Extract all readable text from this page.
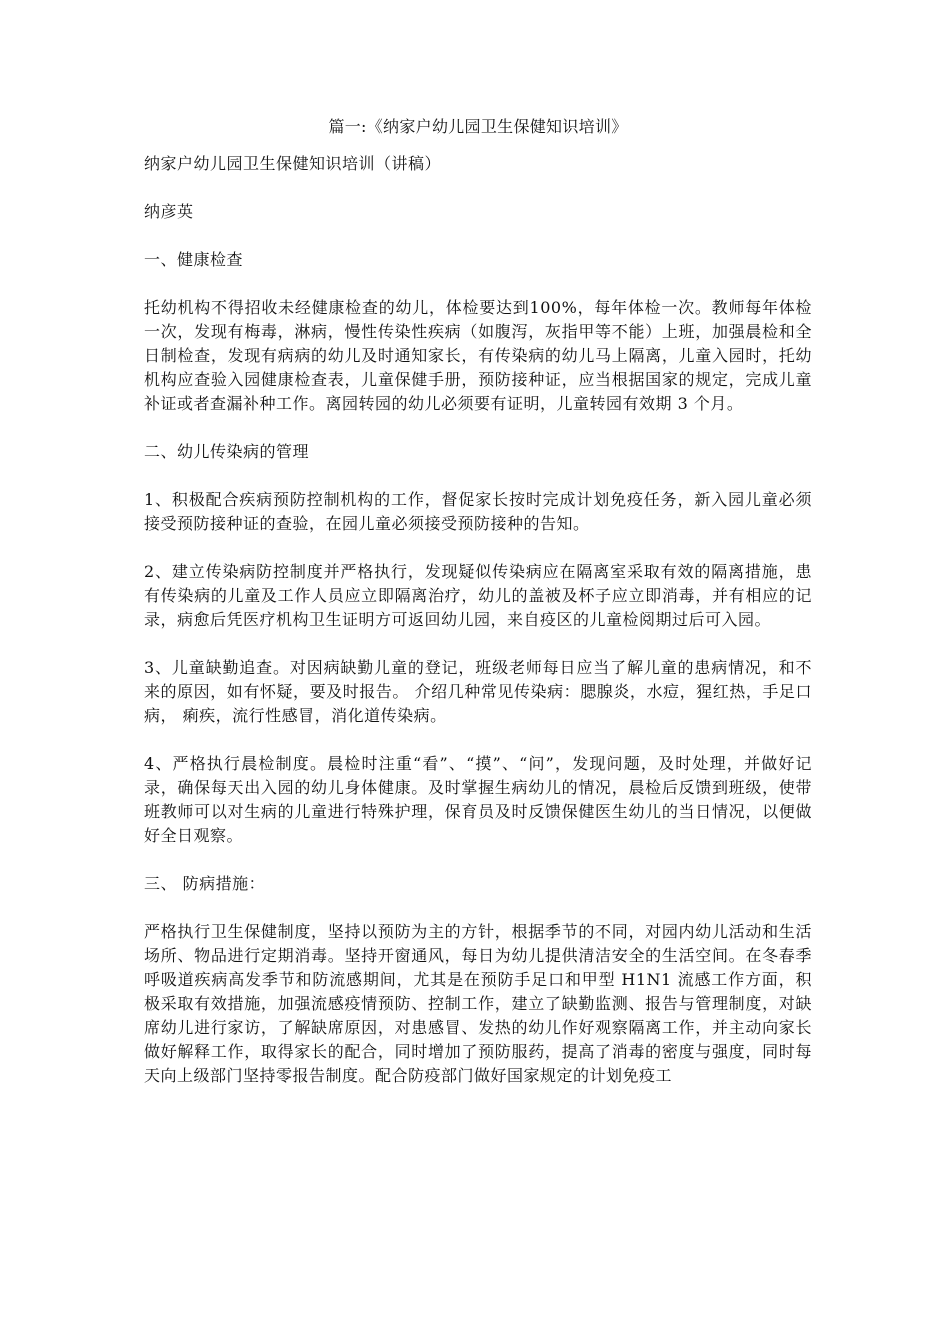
篇一:《纳家户幼儿园卫生保健知识培训》
纳家户幼儿园卫生保健知识培训（讲稿）
纳彦英
一、健康检查
托幼机构不得招收未经健康检查的幼儿，体检要达到100%，每年体检一次。教师每年体检一次，发现有梅毒，淋病，慢性传染性疾病（如腹泻，灰指甲等不能）上班，加强晨检和全日制检查，发现有病病的幼儿及时通知家长，有传染病的幼儿马上隔离，儿童入园时，托幼机构应查验入园健康检查表，儿童保健手册，预防接种证，应当根据国家的规定，完成儿童补证或者查漏补种工作。离园转园的幼儿必须要有证明，儿童转园有效期 3 个月。
二、幼儿传染病的管理
1、积极配合疾病预防控制机构的工作，督促家长按时完成计划免疫任务，新入园儿童必须接受预防接种证的查验，在园儿童必须接受预防接种的告知。
2、建立传染病防控制度并严格执行，发现疑似传染病应在隔离室采取有效的隔离措施，患有传染病的儿童及工作人员应立即隔离治疗，幼儿的盖被及杯子应立即消毒，并有相应的记录，病愈后凭医疗机构卫生证明方可返回幼儿园，来自疫区的儿童检阅期过后可入园。
3、儿童缺勤追查。对因病缺勤儿童的登记，班级老师每日应当了解儿童的患病情况，和不来的原因，如有怀疑，要及时报告。 介绍几种常见传染病：腮腺炎，水痘，猩红热，手足口病， 痢疾，流行性感冒，消化道传染病。
4、严格执行晨检制度。晨检时注重“看”、“摸”、“问”，发现问题，及时处理，并做好记录，确保每天出入园的幼儿身体健康。及时掌握生病幼儿的情况，晨检后反馈到班级，使带班教师可以对生病的儿童进行特殊护理，保育员及时反馈保健医生幼儿的当日情况，以便做好全日观察。
三、 防病措施：
严格执行卫生保健制度，坚持以预防为主的方针，根据季节的不同，对园内幼儿活动和生活场所、物品进行定期消毒。坚持开窗通风，每日为幼儿提供清洁安全的生活空间。在冬春季呼吸道疾病高发季节和防流感期间，尤其是在预防手足口和甲型 H1N1 流感工作方面，积极采取有效措施，加强流感疫情预防、控制工作，建立了缺勤监测、报告与管理制度，对缺席幼儿进行家访，了解缺席原因，对患感冒、发热的幼儿作好观察隔离工作，并主动向家长做好解释工作，取得家长的配合，同时增加了预防服药，提高了消毒的密度与强度，同时每天向上级部门坚持零报告制度。配合防疫部门做好国家规定的计划免疫工
